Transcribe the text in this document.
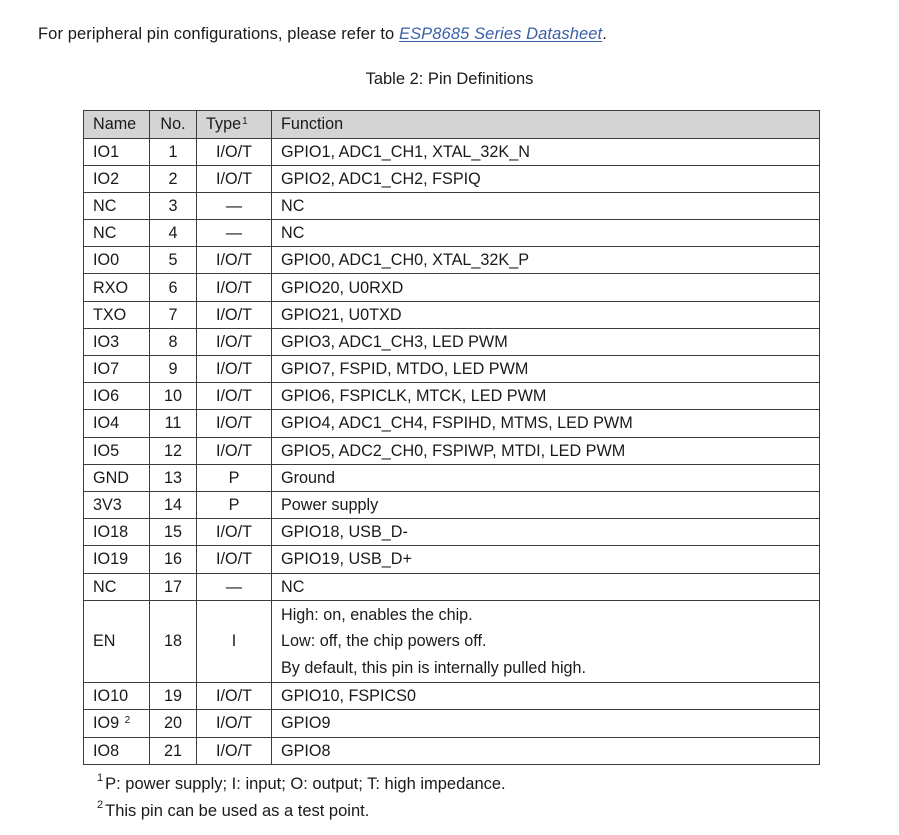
For peripheral pin configurations, please refer to ESP8685 Series Datasheet.
Table 2: Pin Definitions
Name	No.	Type$^1$	Function
IO1	1	I/O/T	GPIO1, ADC1_CH1, XTAL_32K_N
IO2	2	I/O/T	GPIO2, ADC1_CH2, FSPIQ
NC	3	—	NC
NC	4	—	NC
IO0	5	I/O/T	GPIO0, ADC1_CH0, XTAL_32K_P
RXO	6	I/O/T	GPIO20, U0RXD
TXO	7	I/O/T	GPIO21, U0TXD
IO3	8	I/O/T	GPIO3, ADC1_CH3, LED PWM
IO7	9	I/O/T	GPIO7, FSPID, MTDO, LED PWM
IO6	10	I/O/T	GPIO6, FSPICLK, MTCK, LED PWM
IO4	11	I/O/T	GPIO4, ADC1_CH4, FSPIHD, MTMS, LED PWM
IO5	12	I/O/T	GPIO5, ADC2_CH0, FSPIWP, MTDI, LED PWM
GND	13	P	Ground
3V3	14	P	Power supply
IO18	15	I/O/T	GPIO18, USB_D-
IO19	16	I/O/T	GPIO19, USB_D+
NC	17	—	NC
EN	18	I	High: on, enables the chip.
Low: off, the chip powers off.
By default, this pin is internally pulled high.

IO10	19	I/O/T	GPIO10, FSPICS0
IO9 $^2$	20	I/O/T	GPIO9
IO8	21	I/O/T	GPIO8
$^1$ P: power supply; I: input; O: output; T: high impedance.
$^2$ This pin can be used as a test point.
